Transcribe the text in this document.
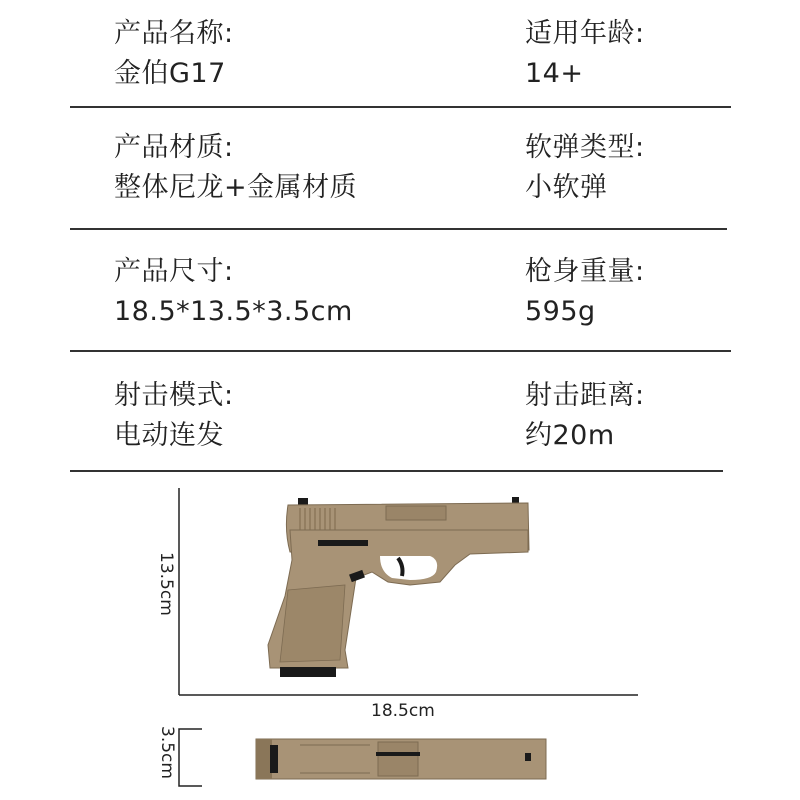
产品名称:
金伯G17
适用年龄:
14+
产品材质:
整体尼龙+金属材质
软弹类型:
小软弹
产品尺寸:
18.5*13.5*3.5cm
枪身重量:
595g
射击模式:
电动连发
射击距离:
约20m
13.5cm
18.5cm
3.5cm
